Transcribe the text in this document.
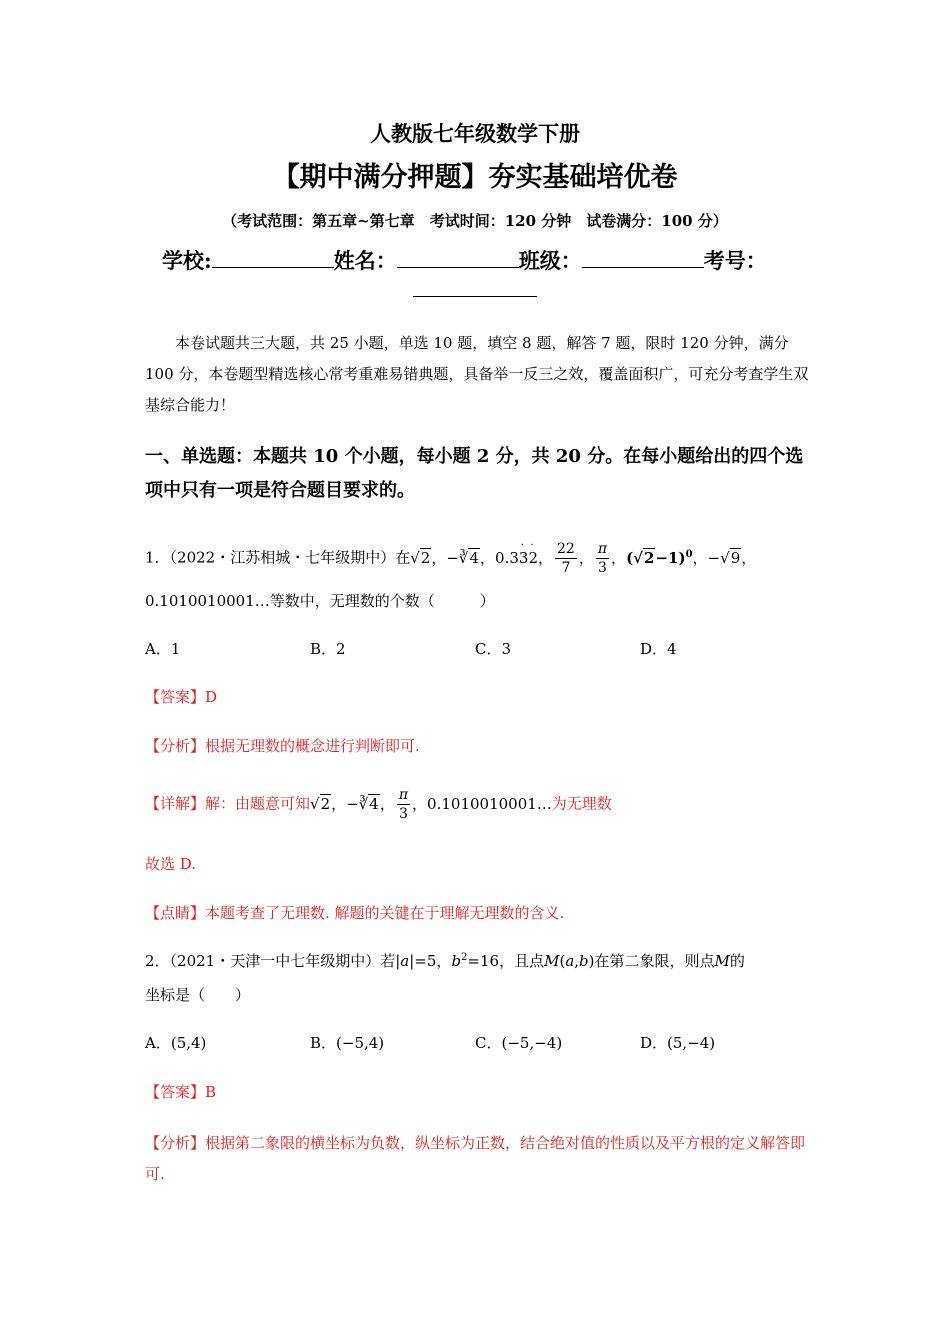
人教版七年级数学下册
【期中满分押题】夯实基础培优卷
（考试范围：第五章~第七章　考试时间：120 分钟　试卷满分：100 分）
学校:	姓名：	班级：	考号：
本卷试题共三大题，共 25 小题，单选 10 题，填空 8 题，解答 7 题，限时 120 分钟，满分 100 分，本卷题型精选核心常考重难易错典题，具备举一反三之效，覆盖面积广，可充分考查学生双基综合能力！
一、单选题：本题共 10 个小题，每小题 2 分，共 20 分。在每小题给出的四个选项中只有一项是符合题目要求的。
1．（2022・江苏相城・七年级期中）在√2，−∛4，0.33
·
2
·
， $\frac{22}{7}$ ， $\frac{\pi}{3}$ ，$(√2-1)^0$，−√9，
0.1010010001…等数中，无理数的个数（　　　）
A．1	B．2	C．3	D．4
【答案】D
【分析】根据无理数的概念进行判断即可.
【详解】解：由题意可知√2，−∛4， $\frac{\pi}{3}$ ，0.1010010001…为无理数
故选 D.
【点睛】本题考查了无理数. 解题的关键在于理解无理数的含义.
2．（2021・天津一中七年级期中）若|a|=5，$b^2=16$，且点M(a,b)在第二象限，则点M的
坐标是（　　）
A．(5,4)	B．(−5,4)	C．(−5,−4)	D．(5,−4)
【答案】B
【分析】根据第二象限的横坐标为负数，纵坐标为正数，结合绝对值的性质以及平方根的定义解答即可.
